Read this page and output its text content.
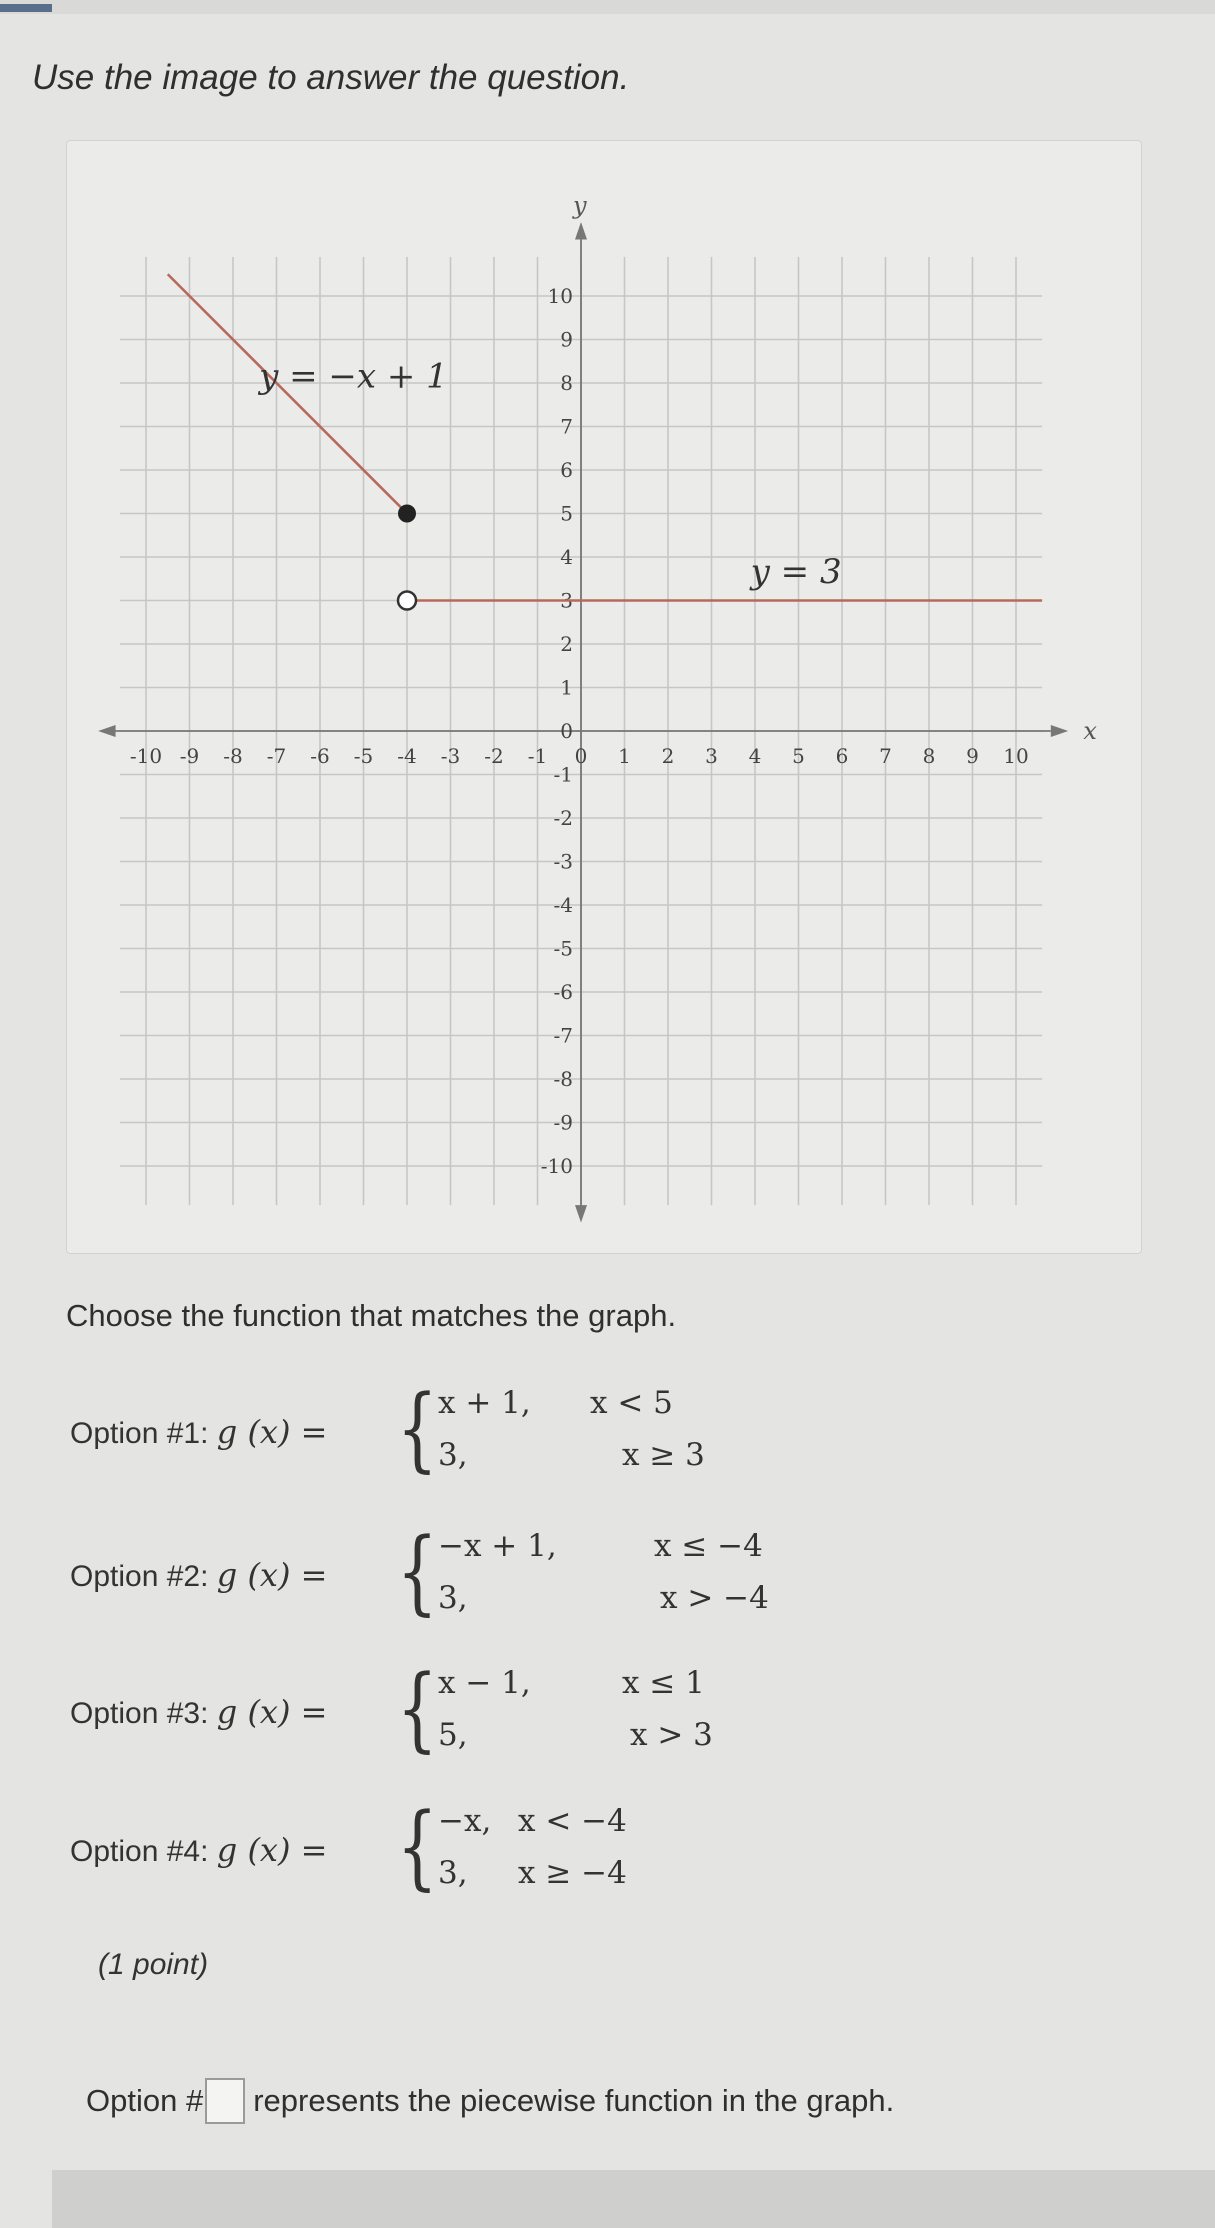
Use the image to answer the question.
x
y
-10 -9 -8 -7 -6 -5 -4 -3 -2 -1 0 1 2 3 4 5 6 7 8 9 10
10
9
8
7
6
5
4
3
2
1
0
-1
-2
-3
-4
-5
-6
-7
-8
-9
-10
y = −x + 1
y = 3
Choose the function that matches the graph.
Option #1: g (x) = { x + 1, x < 5
3,	x ≥ 3
Option #2: g (x) = { −x + 1,	x ≤ −4
3,	x > −4
Option #3: g (x) = { x − 1,	x ≤ 1
5,	x > 3
Option #4: g (x) = { −x, x < −4
3, x ≥ −4
(1 point)
Option # represents the piecewise function in the graph.
